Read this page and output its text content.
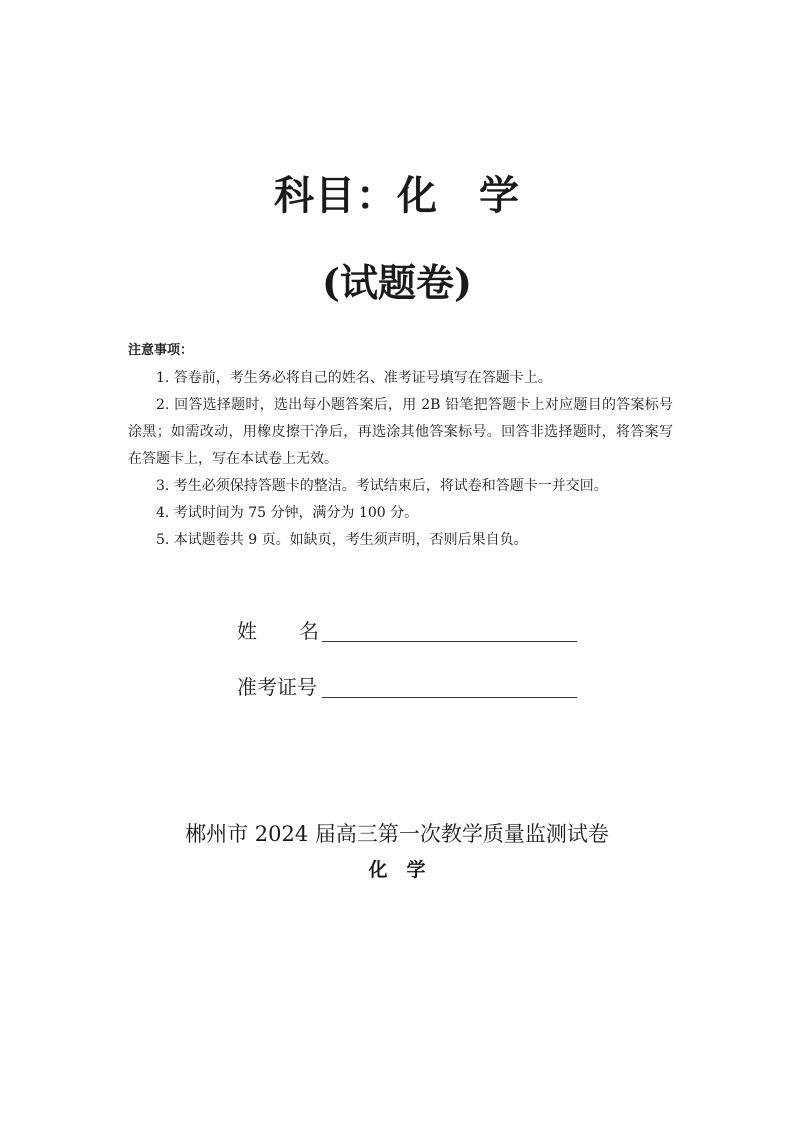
科目：化　学
(试题卷)

注意事项：

1. 答卷前，考生务必将自己的姓名、准考证号填写在答题卡上。
2. 回答选择题时，选出每小题答案后，用 2B 铅笔把答题卡上对应题目的答案标号涂黑；如需改动，用橡皮擦干净后，再选涂其他答案标号。回答非选择题时，将答案写在答题卡上，写在本试卷上无效。
3. 考生必须保持答题卡的整洁。考试结束后，将试卷和答题卡一并交回。
4. 考试时间为 75 分钟，满分为 100 分。
5. 本试题卷共 9 页。如缺页，考生须声明，否则后果自负。
姓 名
准考证号

郴州市 2024 届高三第一次教学质量监测试卷

化　学
